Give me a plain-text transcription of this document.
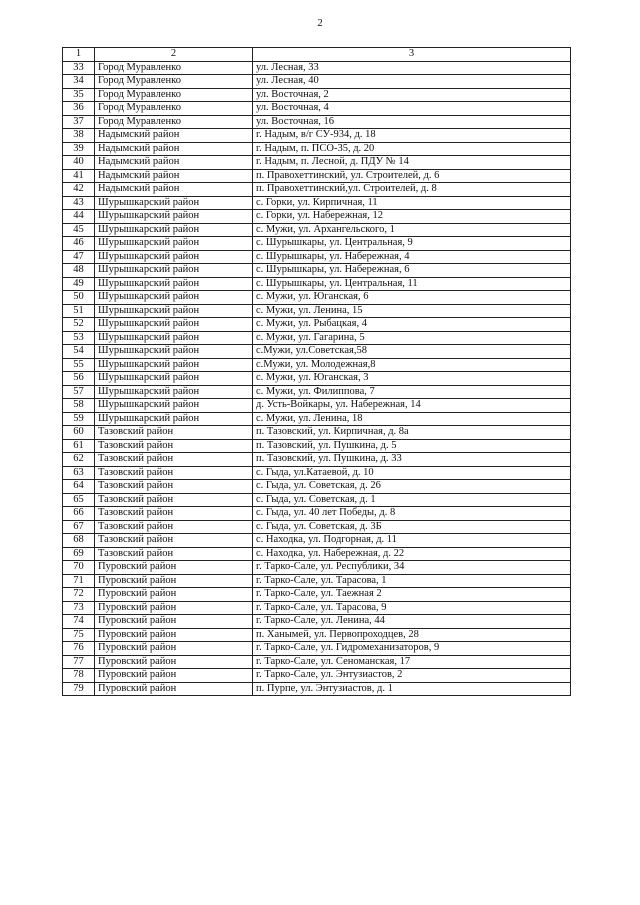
2
1	2	3
33	Город Муравленко	ул. Лесная, 33
34	Город Муравленко	ул. Лесная, 40
35	Город Муравленко	ул. Восточная, 2
36	Город Муравленко	ул. Восточная, 4
37	Город Муравленко	ул. Восточная, 16
38	Надымский район	г. Надым, в/г СУ-934, д. 18
39	Надымский район	г. Надым, п. ПСО-35, д. 20
40	Надымский район	г. Надым, п. Лесной, д. ПДУ № 14
41	Надымский район	п. Правохеттинский, ул. Строителей, д. 6
42	Надымский район	п. Правохеттинский,ул. Строителей, д. 8
43	Шурышкарский район	с. Горки, ул. Кирпичная, 11
44	Шурышкарский район	с. Горки, ул. Набережная, 12
45	Шурышкарский район	с. Мужи, ул. Архангельского, 1
46	Шурышкарский район	с. Шурышкары, ул. Центральная, 9
47	Шурышкарский район	с. Шурышкары, ул. Набережная, 4
48	Шурышкарский район	с. Шурышкары, ул. Набережная, 6
49	Шурышкарский район	с. Шурышкары, ул. Центральная, 11
50	Шурышкарский район	с. Мужи, ул. Юганская, 6
51	Шурышкарский район	с. Мужи, ул. Ленина, 15
52	Шурышкарский район	с. Мужи, ул. Рыбацкая, 4
53	Шурышкарский район	с. Мужи, ул. Гагарина, 5
54	Шурышкарский район	с.Мужи, ул.Советская,58
55	Шурышкарский район	с.Мужи, ул. Молодежная,8
56	Шурышкарский район	с. Мужи, ул. Юганская, 3
57	Шурышкарский район	с. Мужи, ул. Филиппова, 7
58	Шурышкарский район	д. Усть-Войкары, ул. Набережная, 14
59	Шурышкарский район	с. Мужи, ул. Ленина, 18
60	Тазовский район	п. Тазовский, ул. Кирпичная, д. 8а
61	Тазовский район	п. Тазовский, ул. Пушкина, д. 5
62	Тазовский район	п. Тазовский, ул. Пушкина, д. 33
63	Тазовский район	с. Гыда, ул.Катаевой, д. 10
64	Тазовский район	с. Гыда, ул. Советская, д. 26
65	Тазовский район	с. Гыда, ул. Советская, д. 1
66	Тазовский район	с. Гыда, ул. 40 лет Победы, д. 8
67	Тазовский район	с. Гыда, ул. Советская, д. 3Б
68	Тазовский район	с. Находка, ул. Подгорная, д. 11
69	Тазовский район	с. Находка, ул. Набережная, д. 22
70	Пуровский район	г. Тарко-Сале, ул. Республики, 34
71	Пуровский район	г. Тарко-Сале, ул. Тарасова, 1
72	Пуровский район	г. Тарко-Сале, ул. Таежная 2
73	Пуровский район	г. Тарко-Сале, ул. Тарасова, 9
74	Пуровский район	г. Тарко-Сале, ул. Ленина, 44
75	Пуровский район	п. Ханымей, ул. Первопроходцев, 28
76	Пуровский район	г. Тарко-Сале, ул. Гидромеханизаторов, 9
77	Пуровский район	г. Тарко-Сале, ул. Сеноманская, 17
78	Пуровский район	г. Тарко-Сале, ул. Энтузиастов, 2
79	Пуровский район	п. Пурпе, ул. Энтузиастов, д. 1
